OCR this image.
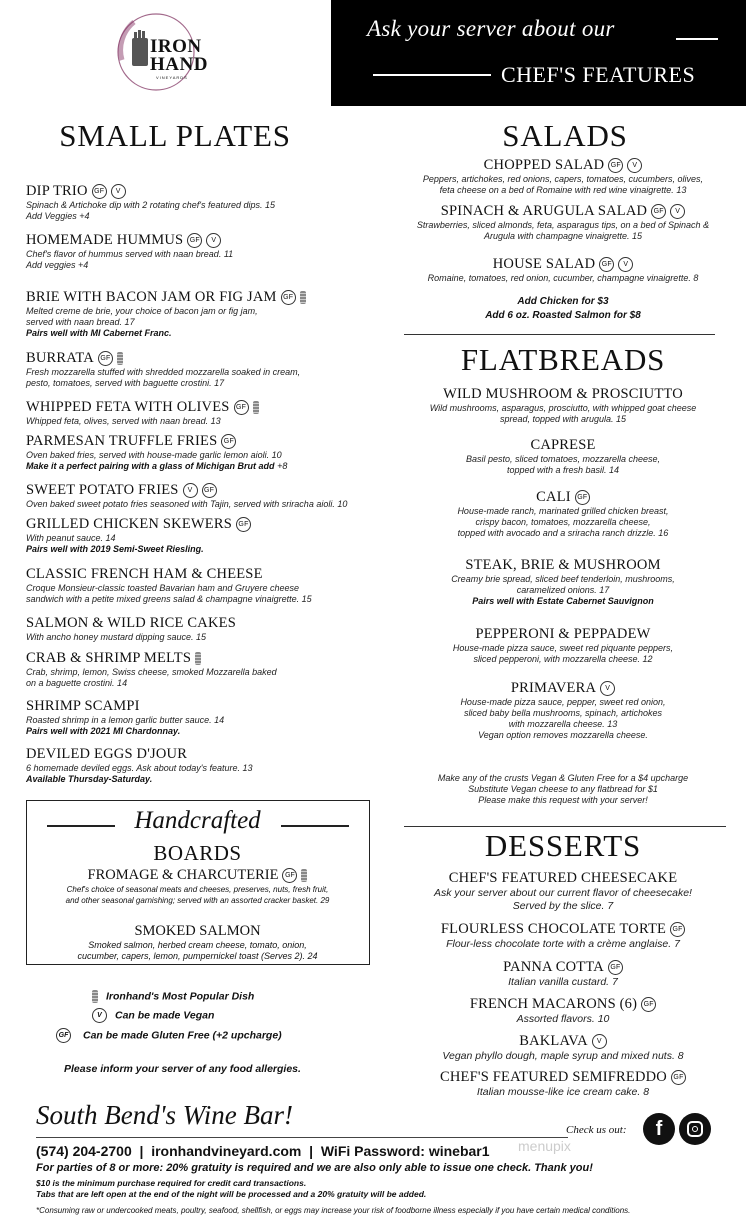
IRON
HAND
VINEYARDS
Ask your server about our
CHEF'S FEATURES
SMALL PLATES
DIP TRIO GF V
Spinach & Artichoke dip with 2 rotating chef's featured dips. 15
Add Veggies +4
HOMEMADE HUMMUS GF V
Chef's flavor of hummus served with naan bread. 11
Add veggies +4
BRIE WITH BACON JAM OR FIG JAM GF
Melted creme de brie, your choice of bacon jam or fig jam,
served with naan bread. 17
Pairs well with MI Cabernet Franc.
BURRATA GF
Fresh mozzarella stuffed with shredded mozzarella soaked in cream,
pesto, tomatoes, served with baguette crostini. 17
WHIPPED FETA WITH OLIVES GF
Whipped feta, olives, served with naan bread. 13
PARMESAN TRUFFLE FRIES GF
Oven baked fries, served with house-made garlic lemon aioli. 10
Make it a perfect pairing with a glass of Michigan Brut add +8
SWEET POTATO FRIES V GF
Oven baked sweet potato fries seasoned with Tajin, served with sriracha aioli. 10
GRILLED CHICKEN SKEWERS GF
With peanut sauce. 14
Pairs well with 2019 Semi-Sweet Riesling.
CLASSIC FRENCH HAM & CHEESE
Croque Monsieur-classic toasted Bavarian ham and Gruyere cheese
sandwich with a petite mixed greens salad & champagne vinaigrette. 15
SALMON & WILD RICE CAKES
With ancho honey mustard dipping sauce. 15
CRAB & SHRIMP MELTS
Crab, shrimp, lemon, Swiss cheese, smoked Mozzarella baked
on a baguette crostini. 14
SHRIMP SCAMPI
Roasted shrimp in a lemon garlic butter sauce. 14
Pairs well with 2021 MI Chardonnay.
DEVILED EGGS D'JOUR
6 homemade deviled eggs. Ask about today's feature. 13
Available Thursday-Saturday.
Handcrafted
BOARDS
FROMAGE & CHARCUTERIE GF
Chef's choice of seasonal meats and cheeses, preserves, nuts, fresh fruit,
and other seasonal garnishing; served with an assorted cracker basket. 29
SMOKED SALMON
Smoked salmon, herbed cream cheese, tomato, onion,
cucumber, capers, lemon, pumpernickel toast (Serves 2). 24
Ironhand's Most Popular Dish
V Can be made Vegan
GF Can be made Gluten Free (+2 upcharge)
Please inform your server of any food allergies.
SALADS
CHOPPED SALAD GF V
Peppers, artichokes, red onions, capers, tomatoes, cucumbers, olives,
feta cheese on a bed of Romaine with red wine vinaigrette. 13
SPINACH & ARUGULA SALAD GF V
Strawberries, sliced almonds, feta, asparagus tips, on a bed of Spinach &
Arugula with champagne vinaigrette. 15
HOUSE SALAD GF V
Romaine, tomatoes, red onion, cucumber, champagne vinaigrette. 8
Add Chicken for $3
Add 6 oz. Roasted Salmon for $8
FLATBREADS
WILD MUSHROOM & PROSCIUTTO
Wild mushrooms, asparagus, prosciutto, with whipped goat cheese
spread, topped with arugula. 15
CAPRESE
Basil pesto, sliced tomatoes, mozzarella cheese,
topped with a fresh basil. 14
CALI GF
House-made ranch, marinated grilled chicken breast,
crispy bacon, tomatoes, mozzarella cheese,
topped with avocado and a sriracha ranch drizzle. 16
STEAK, BRIE & MUSHROOM
Creamy brie spread, sliced beef tenderloin, mushrooms,
caramelized onions. 17
Pairs well with Estate Cabernet Sauvignon
PEPPERONI & PEPPADEW
House-made pizza sauce, sweet red piquante peppers,
sliced pepperoni, with mozzarella cheese. 12
PRIMAVERA V
House-made pizza sauce, pepper, sweet red onion,
sliced baby bella mushrooms, spinach, artichokes
with mozzarella cheese. 13
Vegan option removes mozzarella cheese.
Make any of the crusts Vegan & Gluten Free for a $4 upcharge
Substitute Vegan cheese to any flatbread for $1
Please make this request with your server!
DESSERTS
CHEF'S FEATURED CHEESECAKE
Ask your server about our current flavor of cheesecake!
Served by the slice. 7
FLOURLESS CHOCOLATE TORTE GF
Flour-less chocolate torte with a crème anglaise. 7
PANNA COTTA GF
Italian vanilla custard. 7
FRENCH MACARONS (6) GF
Assorted flavors. 10
BAKLAVA V
Vegan phyllo dough, maple syrup and mixed nuts. 8
CHEF'S FEATURED SEMIFREDDO GF
Italian mousse-like ice cream cake. 8
South Bend's Wine Bar!	Check us out:	f
(574) 204-2700  |  ironhandvineyard.com  |  WiFi Password: winebar1
For parties of 8 or more: 20% gratuity is required and we are also only able to issue one check. Thank you!
$10 is the minimum purchase required for credit card transactions.
Tabs that are left open at the end of the night will be processed and a 20% gratuity will be added.
*Consuming raw or undercooked meats, poultry, seafood, shellfish, or eggs may increase your risk of foodborne illness especially if you have certain medical conditions.
menupix
